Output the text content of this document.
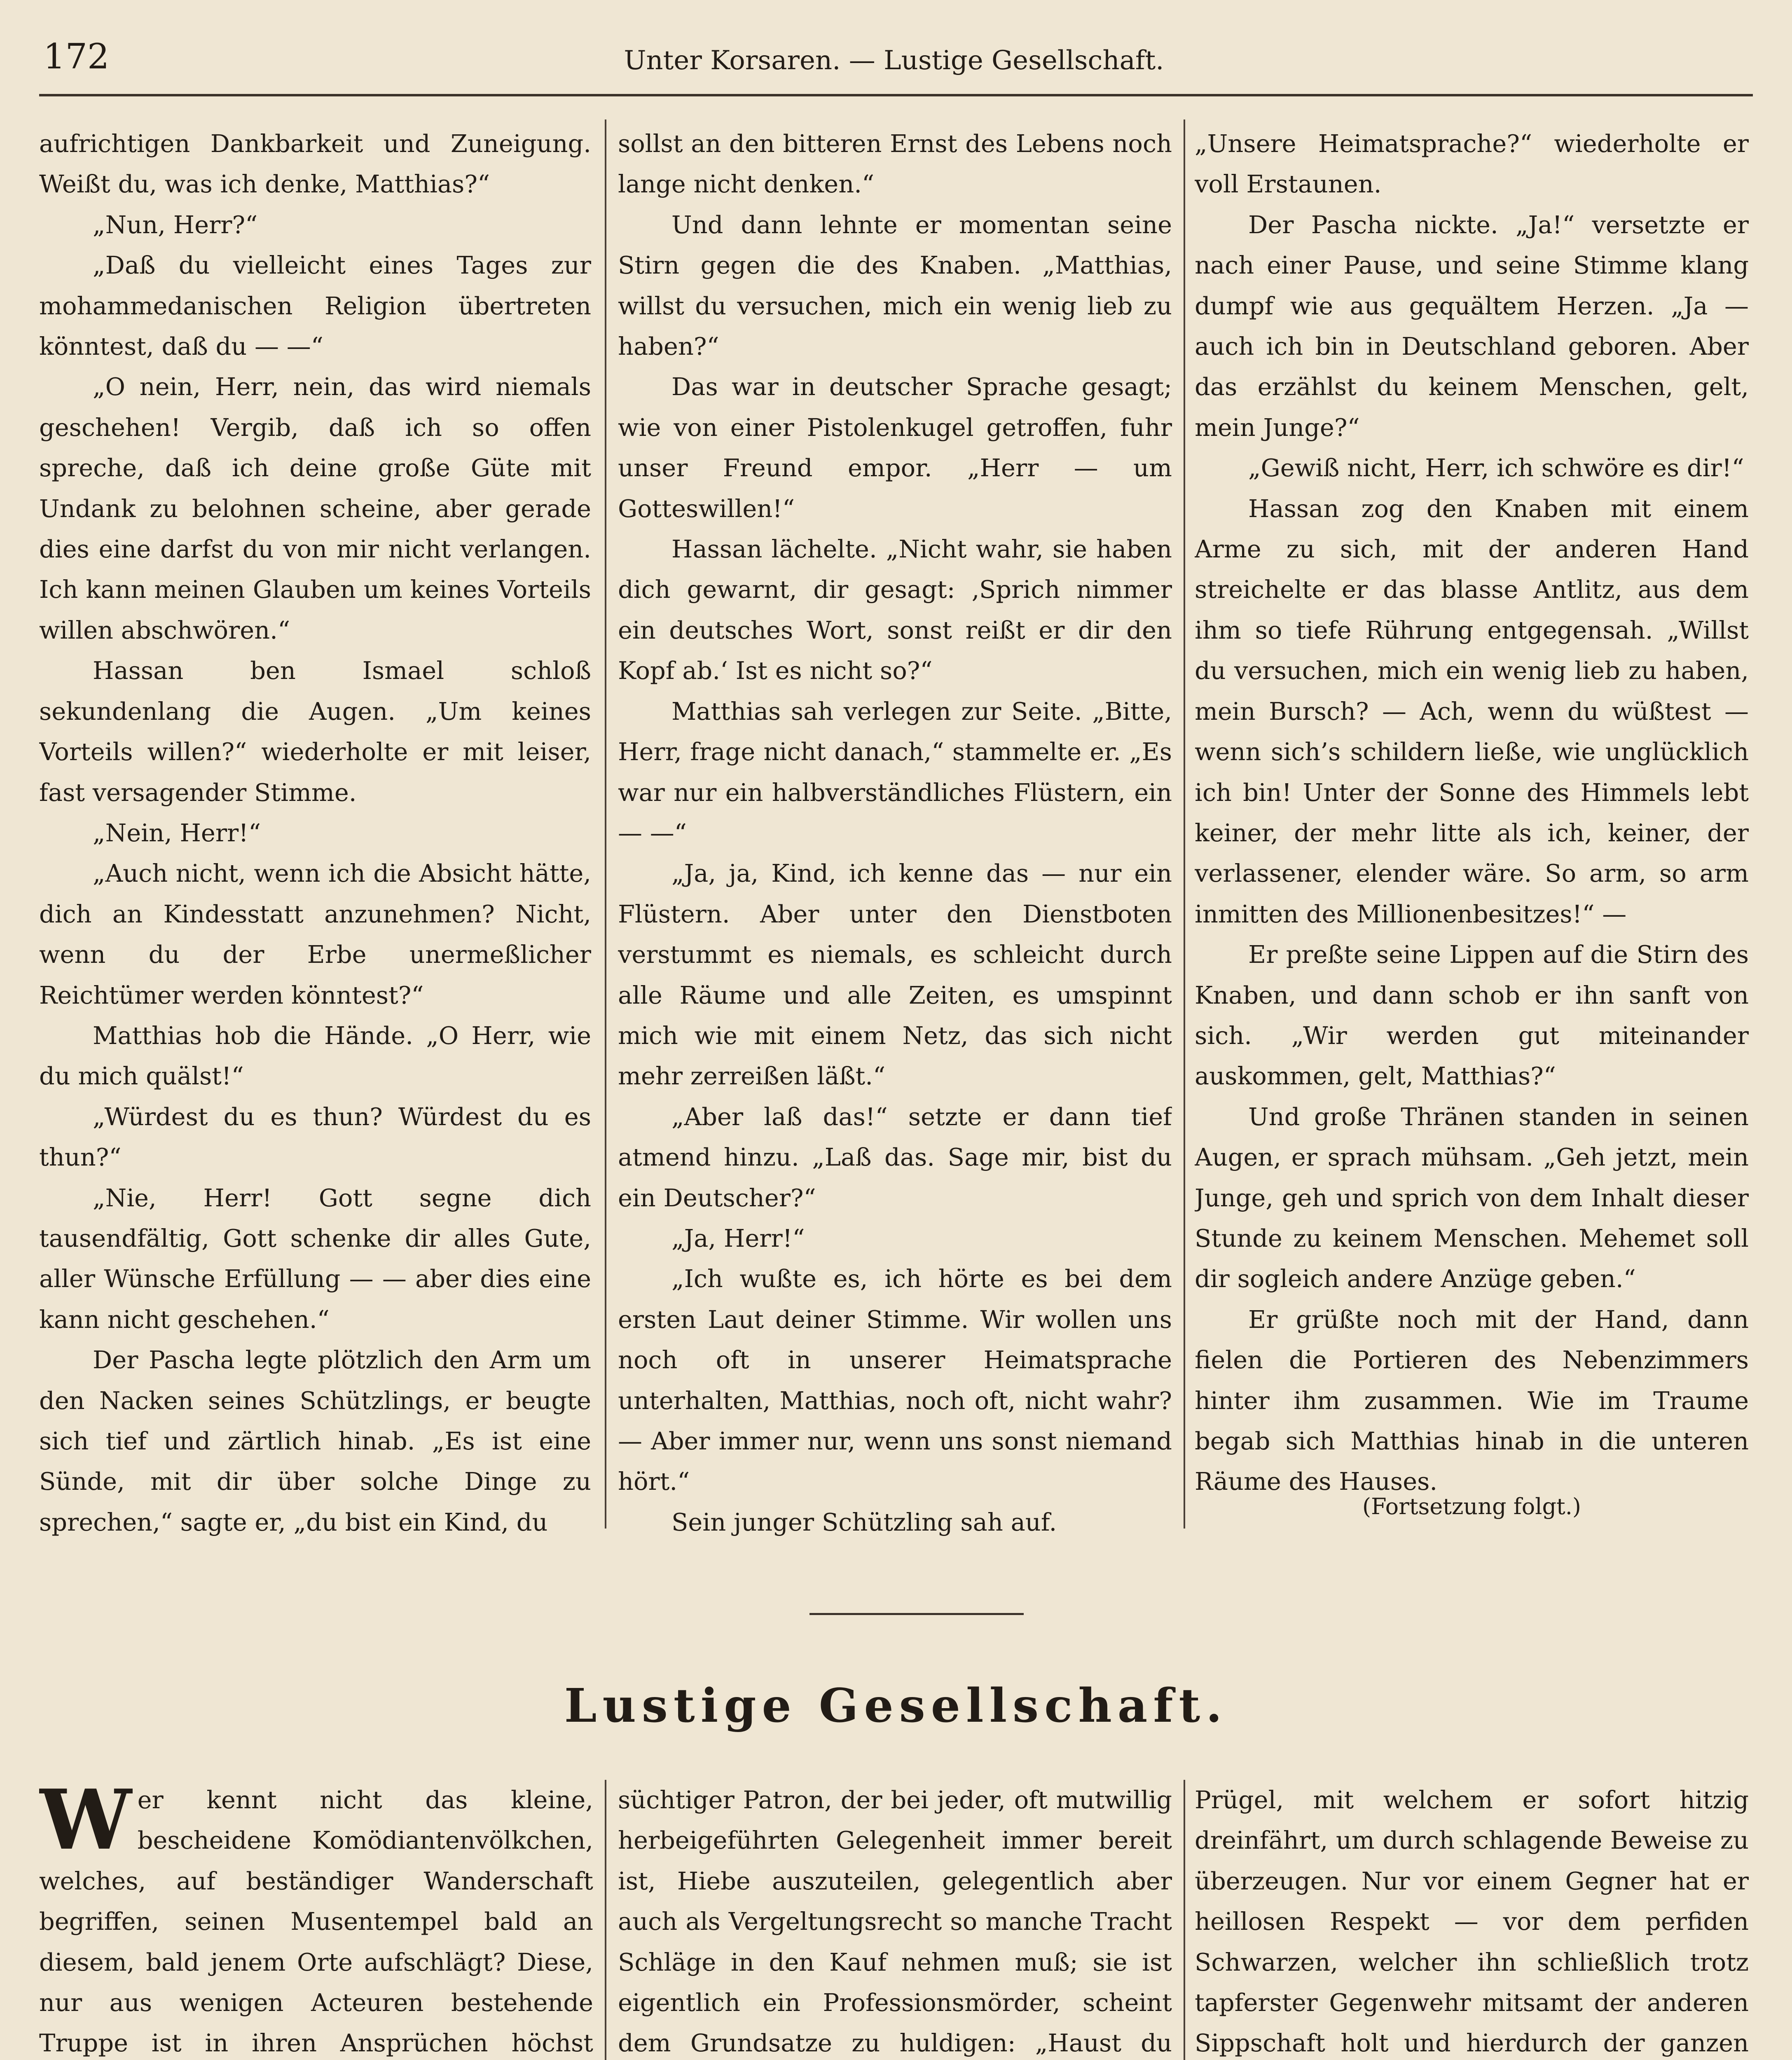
172	Unter Korsaren. — Lustige Gesellschaft.

aufrichtigen Dankbarkeit und Zuneigung. Weißt du, was ich denke, Matthias?“

„Nun, Herr?“

„Daß du vielleicht eines Tages zur mohammedanischen Religion übertreten könntest, daß du — —“

„O nein, Herr, nein, das wird niemals geschehen! Vergib, daß ich so offen spreche, daß ich deine große Güte mit Undank zu belohnen scheine, aber gerade dies eine darfst du von mir nicht verlangen. Ich kann meinen Glauben um keines Vorteils willen abschwören.“

Hassan ben Ismael schloß sekundenlang die Augen. „Um keines Vorteils willen?“ wiederholte er mit leiser, fast versagender Stimme.

„Nein, Herr!“

„Auch nicht, wenn ich die Absicht hätte, dich an Kindesstatt anzunehmen? Nicht, wenn du der Erbe unermeßlicher Reichtümer werden könntest?“

Matthias hob die Hände. „O Herr, wie du mich quälst!“

„Würdest du es thun? Würdest du es thun?“

„Nie, Herr! Gott segne dich tausendfältig, Gott schenke dir alles Gute, aller Wünsche Erfüllung — — aber dies eine kann nicht geschehen.“

Der Pascha legte plötzlich den Arm um den Nacken seines Schützlings, er beugte sich tief und zärtlich hinab. „Es ist eine Sünde, mit dir über solche Dinge zu sprechen,“ sagte er, „du bist ein Kind, du

sollst an den bitteren Ernst des Lebens noch lange nicht denken.“

Und dann lehnte er momentan seine Stirn gegen die des Knaben. „Matthias, willst du versuchen, mich ein wenig lieb zu haben?“

Das war in deutscher Sprache gesagt; wie von einer Pistolenkugel getroffen, fuhr unser Freund empor. „Herr — um Gotteswillen!“

Hassan lächelte. „Nicht wahr, sie haben dich gewarnt, dir gesagt: ‚Sprich nimmer ein deutsches Wort, sonst reißt er dir den Kopf ab.‘ Ist es nicht so?“

Matthias sah verlegen zur Seite. „Bitte, Herr, frage nicht danach,“ stammelte er. „Es war nur ein halbverständliches Flüstern, ein — —“

„Ja, ja, Kind, ich kenne das — nur ein Flüstern. Aber unter den Dienstboten verstummt es niemals, es schleicht durch alle Räume und alle Zeiten, es umspinnt mich wie mit einem Netz, das sich nicht mehr zerreißen läßt.“

„Aber laß das!“ setzte er dann tief atmend hinzu. „Laß das. Sage mir, bist du ein Deutscher?“

„Ja, Herr!“

„Ich wußte es, ich hörte es bei dem ersten Laut deiner Stimme. Wir wollen uns noch oft in unserer Heimatsprache unterhalten, Matthias, noch oft, nicht wahr? — Aber immer nur, wenn uns sonst niemand hört.“

Sein junger Schützling sah auf.

„Unsere Heimatsprache?“ wiederholte er voll Erstaunen.

Der Pascha nickte. „Ja!“ versetzte er nach einer Pause, und seine Stimme klang dumpf wie aus gequältem Herzen. „Ja — auch ich bin in Deutschland geboren. Aber das erzählst du keinem Menschen, gelt, mein Junge?“

„Gewiß nicht, Herr, ich schwöre es dir!“

Hassan zog den Knaben mit einem Arme zu sich, mit der anderen Hand streichelte er das blasse Antlitz, aus dem ihm so tiefe Rührung entgegensah. „Willst du versuchen, mich ein wenig lieb zu haben, mein Bursch? — Ach, wenn du wüßtest — wenn sich’s schildern ließe, wie unglücklich ich bin! Unter der Sonne des Himmels lebt keiner, der mehr litte als ich, keiner, der verlassener, elender wäre. So arm, so arm inmitten des Millionenbesitzes!“ —

Er preßte seine Lippen auf die Stirn des Knaben, und dann schob er ihn sanft von sich. „Wir werden gut miteinander auskommen, gelt, Matthias?“

Und große Thränen standen in seinen Augen, er sprach mühsam. „Geh jetzt, mein Junge, geh und sprich von dem Inhalt dieser Stunde zu keinem Menschen. Mehemet soll dir sogleich andere Anzüge geben.“

Er grüßte noch mit der Hand, dann fielen die Portieren des Nebenzimmers hinter ihm zusammen. Wie im Traume begab sich Matthias hinab in die unteren Räume des Hauses.

(Fortsetzung folgt.)
Lustige Gesellschaft.

Wer kennt nicht das kleine, bescheidene Komödiantenvölkchen, welches, auf beständiger Wanderschaft begriffen, seinen Musentempel bald an diesem, bald jenem Orte aufschlägt? Diese, nur aus wenigen Acteuren bestehende Truppe ist in ihren Ansprüchen höchst

süchtiger Patron, der bei jeder, oft mutwillig herbeigeführten Gelegenheit immer bereit ist, Hiebe auszuteilen, gelegentlich aber auch als Vergeltungsrecht so manche Tracht Schläge in den Kauf nehmen muß; sie ist eigentlich ein Professionsmörder, scheint dem Grundsatze zu huldigen: „Haust du

Prügel, mit welchem er sofort hitzig dreinfährt, um durch schlagende Beweise zu überzeugen. Nur vor einem Gegner hat er heillosen Respekt — vor dem perfiden Schwarzen, welcher ihn schließlich trotz tapferster Gegenwehr mitsamt der anderen Sippschaft holt und hierdurch der ganzen
